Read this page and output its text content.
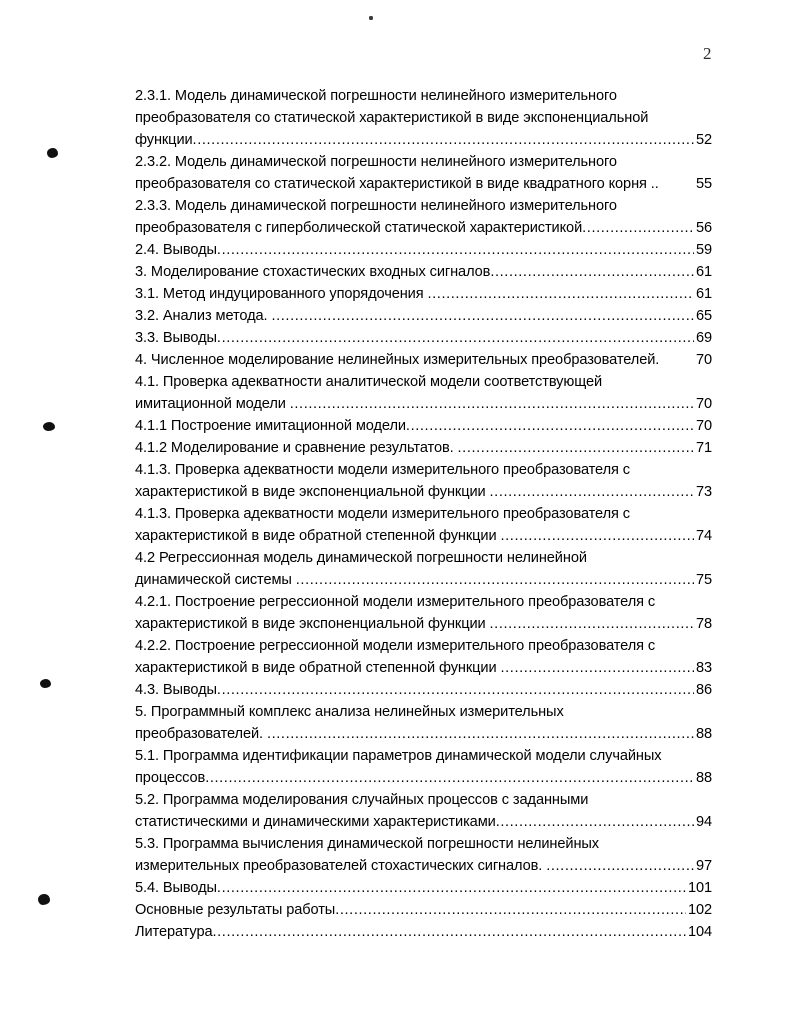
2
2.3.1. Модель динамической погрешности нелинейного измерительного
преобразователя со статической характеристикой в виде экспоненциальной
функции .....	52
2.3.2. Модель динамической погрешности нелинейного измерительного
преобразователя со статической характеристикой в виде квадратного корня ..	55
2.3.3. Модель динамической погрешности нелинейного измерительного
преобразователя с гиперболической статической характеристикой .....	56
2.4. Выводы .....	59
3. Моделирование стохастических входных сигналов .....	61
3.1. Метод индуцированного упорядочения .....	61
3.2. Анализ метода. .....	65
3.3. Выводы .....	69
4. Численное моделирование нелинейных измерительных преобразователей.	70
4.1. Проверка адекватности аналитической модели соответствующей
имитационной модели .....	70
4.1.1 Построение имитационной модели .....	70
4.1.2 Моделирование и сравнение результатов. .....	71
4.1.3. Проверка адекватности модели измерительного преобразователя с
характеристикой в виде экспоненциальной функции .....	73
4.1.3. Проверка адекватности модели измерительного преобразователя с
характеристикой в виде обратной степенной функции .....	74
4.2 Регрессионная модель динамической погрешности нелинейной
динамической системы .....	75
4.2.1. Построение регрессионной модели измерительного преобразователя с
характеристикой в виде экспоненциальной функции .....	78
4.2.2. Построение регрессионной модели измерительного преобразователя с
характеристикой в виде обратной степенной функции .....	83
4.3. Выводы .....	86
5. Программный комплекс анализа нелинейных измерительных
преобразователей. .....	88
5.1. Программа идентификации параметров динамической модели случайных
процессов .....	88
5.2. Программа моделирования случайных процессов с заданными
статистическими и динамическими характеристиками .....	94
5.3. Программа вычисления динамической погрешности нелинейных
измерительных преобразователей стохастических сигналов. .....	97
5.4. Выводы .....	101
Основные результаты работы .....	102
Литература .....	104
